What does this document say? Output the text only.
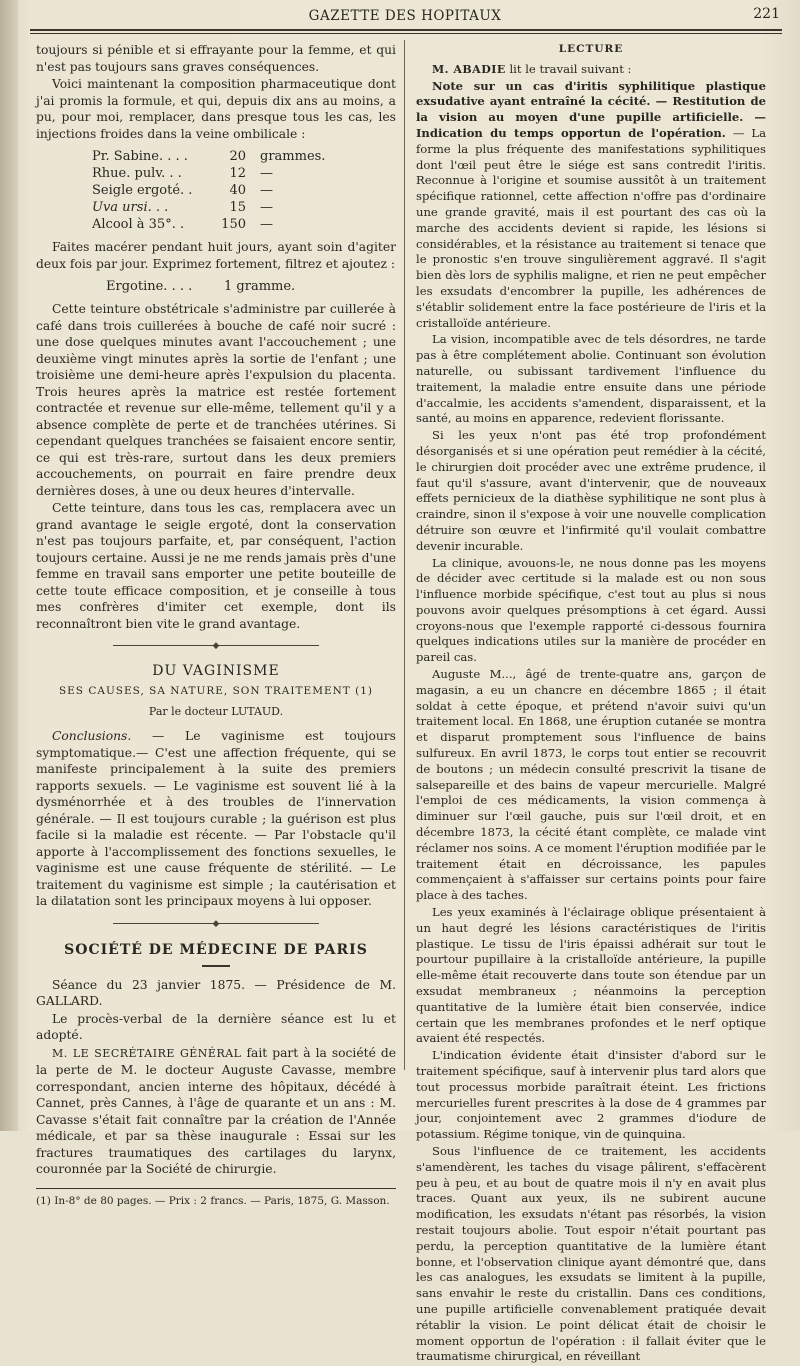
GAZETTE DES HOPITAUX	221

toujours si pénible et si effrayante pour la femme, et qui n'est pas toujours sans graves conséquences.

Voici maintenant la composition pharmaceutique dont j'ai promis la formule, et qui, depuis dix ans au moins, a pu, pour moi, remplacer, dans presque tous les cas, les injections froides dans la veine ombilicale :

Pr. Sabine. . . .	20	grammes.
Rhue. pulv. . .	12	—
Seigle ergoté. .	40	—
Uva ursi. . .	15	—
Alcool à 35°. .	150	—

Faites macérer pendant huit jours, ayant soin d'agiter deux fois par jour. Exprimez fortement, filtrez et ajoutez :

Ergotine. . . .	1 gramme.

Cette teinture obstétricale s'administre par cuillerée à café dans trois cuillerées à bouche de café noir sucré : une dose quelques minutes avant l'accouchement ; une deuxième vingt minutes après la sortie de l'enfant ; une troisième une demi-heure après l'expulsion du placenta. Trois heures après la matrice est restée fortement contractée et revenue sur elle-même, tellement qu'il y a absence complète de perte et de tranchées utérines. Si cependant quelques tranchées se faisaient encore sentir, ce qui est très-rare, surtout dans les deux premiers accouchements, on pourrait en faire prendre deux dernières doses, à une ou deux heures d'intervalle.

Cette teinture, dans tous les cas, remplacera avec un grand avantage le seigle ergoté, dont la conservation n'est pas toujours parfaite, et, par conséquent, l'action toujours certaine. Aussi je ne me rends jamais près d'une femme en travail sans emporter une petite bouteille de cette toute efficace composition, et je conseille à tous mes confrères d'imiter cet exemple, dont ils reconnaîtront bien vite le grand avantage.

◆
DU VAGINISME
SES CAUSES, SA NATURE, SON TRAITEMENT (1)
Par le docteur LUTAUD.

Conclusions. — Le vaginisme est toujours symptomatique.— C'est une affection fréquente, qui se manifeste principalement à la suite des premiers rapports sexuels. — Le vaginisme est souvent lié à la dysménorrhée et à des troubles de l'innervation générale. — Il est toujours curable ; la guérison est plus facile si la maladie est récente. — Par l'obstacle qu'il apporte à l'accomplissement des fonctions sexuelles, le vaginisme est une cause fréquente de stérilité. — Le traitement du vaginisme est simple ; la cautérisation et la dilatation sont les principaux moyens à lui opposer.

◆
SOCIÉTÉ DE MÉDECINE DE PARIS

Séance du 23 janvier 1875. — Présidence de M. GALLARD.

Le procès-verbal de la dernière séance est lu et adopté.

M. LE SECRÉTAIRE GÉNÉRAL fait part à la société de la perte de M. le docteur Auguste Cavasse, membre correspondant, ancien interne des hôpitaux, décédé à Cannet, près Cannes, à l'âge de quarante et un ans : M. Cavasse s'était fait connaître par la création de l'Année médicale, et par sa thèse inaugurale : Essai sur les fractures traumatiques des cartilages du larynx, couronnée par la Société de chirurgie.

(1) In-8° de 80 pages. — Prix : 2 francs. — Paris, 1875, G. Masson.

LECTURE

M. ABADIE lit le travail suivant :

Note sur un cas d'iritis syphilitique plastique exsudative ayant entraîné la cécité. — Restitution de la vision au moyen d'une pupille artificielle. — Indication du temps opportun de l'opération. — La forme la plus fréquente des manifestations syphilitiques dont l'œil peut être le siége est sans contredit l'iritis. Reconnue à l'origine et soumise aussitôt à un traitement spécifique rationnel, cette affection n'offre pas d'ordinaire une grande gravité, mais il est pourtant des cas où la marche des accidents devient si rapide, les lésions si considérables, et la résistance au traitement si tenace que le pronostic s'en trouve singulièrement aggravé. Il s'agit bien dès lors de syphilis maligne, et rien ne peut empêcher les exsudats d'encombrer la pupille, les adhérences de s'établir solidement entre la face postérieure de l'iris et la cristalloïde antérieure.

La vision, incompatible avec de tels désordres, ne tarde pas à être complétement abolie. Continuant son évolution naturelle, ou subissant tardivement l'influence du traitement, la maladie entre ensuite dans une période d'accalmie, les accidents s'amendent, disparaissent, et la santé, au moins en apparence, redevient florissante.

Si les yeux n'ont pas été trop profondément désorganisés et si une opération peut remédier à la cécité, le chirurgien doit procéder avec une extrême prudence, il faut qu'il s'assure, avant d'intervenir, que de nouveaux effets pernicieux de la diathèse syphilitique ne sont plus à craindre, sinon il s'expose à voir une nouvelle complication détruire son œuvre et l'infirmité qu'il voulait combattre devenir incurable.

La clinique, avouons-le, ne nous donne pas les moyens de décider avec certitude si la malade est ou non sous l'influence morbide spécifique, c'est tout au plus si nous pouvons avoir quelques présomptions à cet égard. Aussi croyons-nous que l'exemple rapporté ci-dessous fournira quelques indications utiles sur la manière de procéder en pareil cas.

Auguste M..., âgé de trente-quatre ans, garçon de magasin, a eu un chancre en décembre 1865 ; il était soldat à cette époque, et prétend n'avoir suivi qu'un traitement local. En 1868, une éruption cutanée se montra et disparut promptement sous l'influence de bains sulfureux. En avril 1873, le corps tout entier se recouvrit de boutons ; un médecin consulté prescrivit la tisane de salsepareille et des bains de vapeur mercurielle. Malgré l'emploi de ces médicaments, la vision commença à diminuer sur l'œil gauche, puis sur l'œil droit, et en décembre 1873, la cécité étant complète, ce malade vint réclamer nos soins. A ce moment l'éruption modifiée par le traitement était en décroissance, les papules commençaient à s'affaisser sur certains points pour faire place à des taches.

Les yeux examinés à l'éclairage oblique présentaient à un haut degré les lésions caractéristiques de l'iritis plastique. Le tissu de l'iris épaissi adhérait sur tout le pourtour pupillaire à la cristalloïde antérieure, la pupille elle-même était recouverte dans toute son étendue par un exsudat membraneux ; néanmoins la perception quantitative de la lumière était bien conservée, indice certain que les membranes profondes et le nerf optique avaient été respectés.

L'indication évidente était d'insister d'abord sur le traitement spécifique, sauf à intervenir plus tard alors que tout processus morbide paraîtrait éteint. Les frictions mercurielles furent prescrites à la dose de 4 grammes par jour, conjointement avec 2 grammes d'iodure de potassium. Régime tonique, vin de quinquina.

Sous l'influence de ce traitement, les accidents s'amendèrent, les taches du visage pâlirent, s'effacèrent peu à peu, et au bout de quatre mois il n'y en avait plus traces. Quant aux yeux, ils ne subirent aucune modification, les exsudats n'étant pas résorbés, la vision restait toujours abolie. Tout espoir n'était pourtant pas perdu, la perception quantitative de la lumière étant bonne, et l'observation clinique ayant démontré que, dans les cas analogues, les exsudats se limitent à la pupille, sans envahir le reste du cristallin. Dans ces conditions, une pupille artificielle convenablement pratiquée devait rétablir la vision. Le point délicat était de choisir le moment opportun de l'opération : il fallait éviter que le traumatisme chirurgical, en réveillant
